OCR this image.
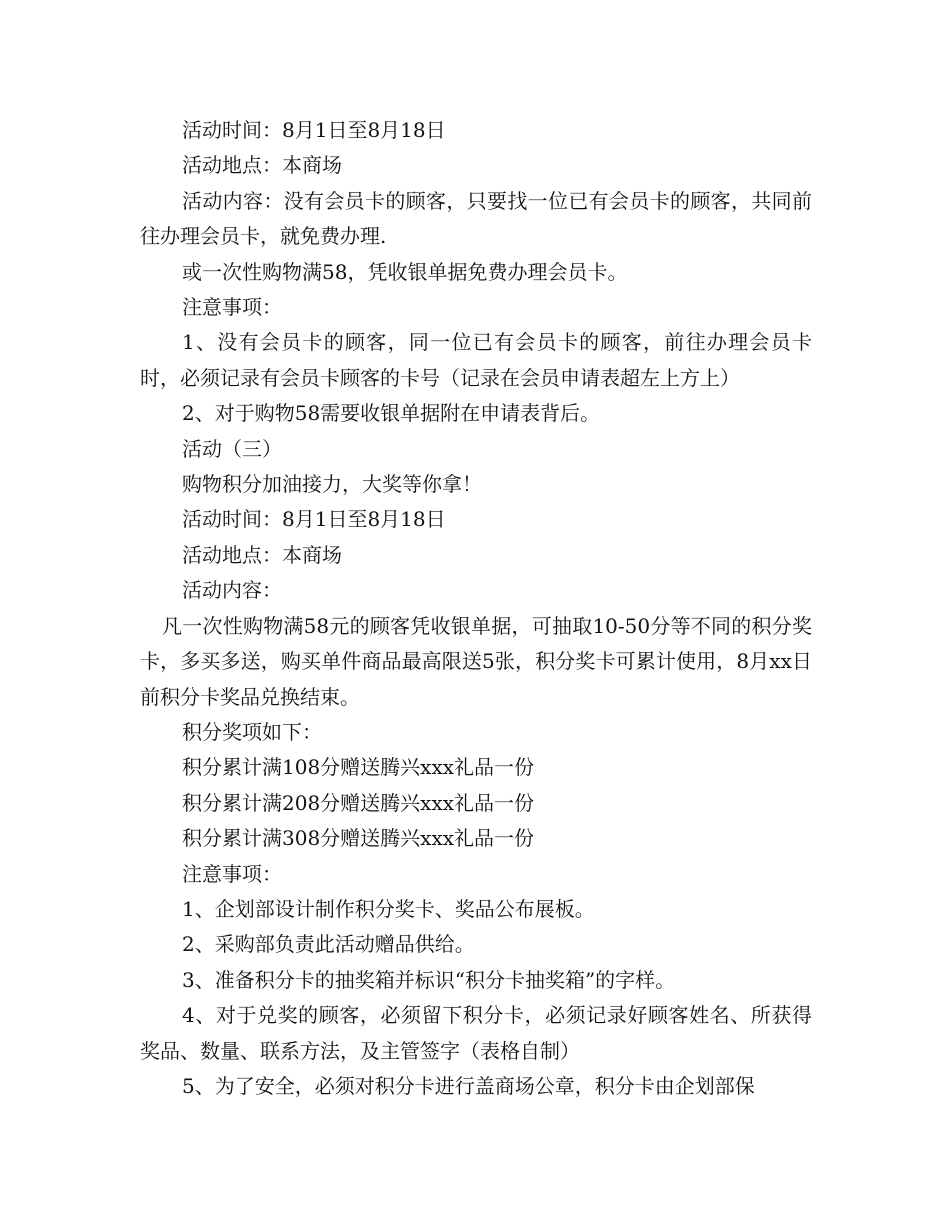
活动时间：8月1日至8月18日

活动地点：本商场

活动内容：没有会员卡的顾客，只要找一位已有会员卡的顾客，共同前往办理会员卡，就免费办理.

或一次性购物满58，凭收银单据免费办理会员卡。

注意事项：

1、没有会员卡的顾客，同一位已有会员卡的顾客，前往办理会员卡时，必须记录有会员卡顾客的卡号（记录在会员申请表超左上方上）

2、对于购物58需要收银单据附在申请表背后。

活动（三）

购物积分加油接力，大奖等你拿！

活动时间：8月1日至8月18日

活动地点：本商场

活动内容：

凡一次性购物满58元的顾客凭收银单据，可抽取10-50分等不同的积分奖卡，多买多送，购买单件商品最高限送5张，积分奖卡可累计使用，8月xx日前积分卡奖品兑换结束。

积分奖项如下：

积分累计满108分赠送腾兴xxx礼品一份

积分累计满208分赠送腾兴xxx礼品一份

积分累计满308分赠送腾兴xxx礼品一份

注意事项：

1、企划部设计制作积分奖卡、奖品公布展板。

2、采购部负责此活动赠品供给。

3、准备积分卡的抽奖箱并标识“积分卡抽奖箱”的字样。

4、对于兑奖的顾客，必须留下积分卡，必须记录好顾客姓名、所获得奖品、数量、联系方法，及主管签字（表格自制）

5、为了安全，必须对积分卡进行盖商场公章，积分卡由企划部保
